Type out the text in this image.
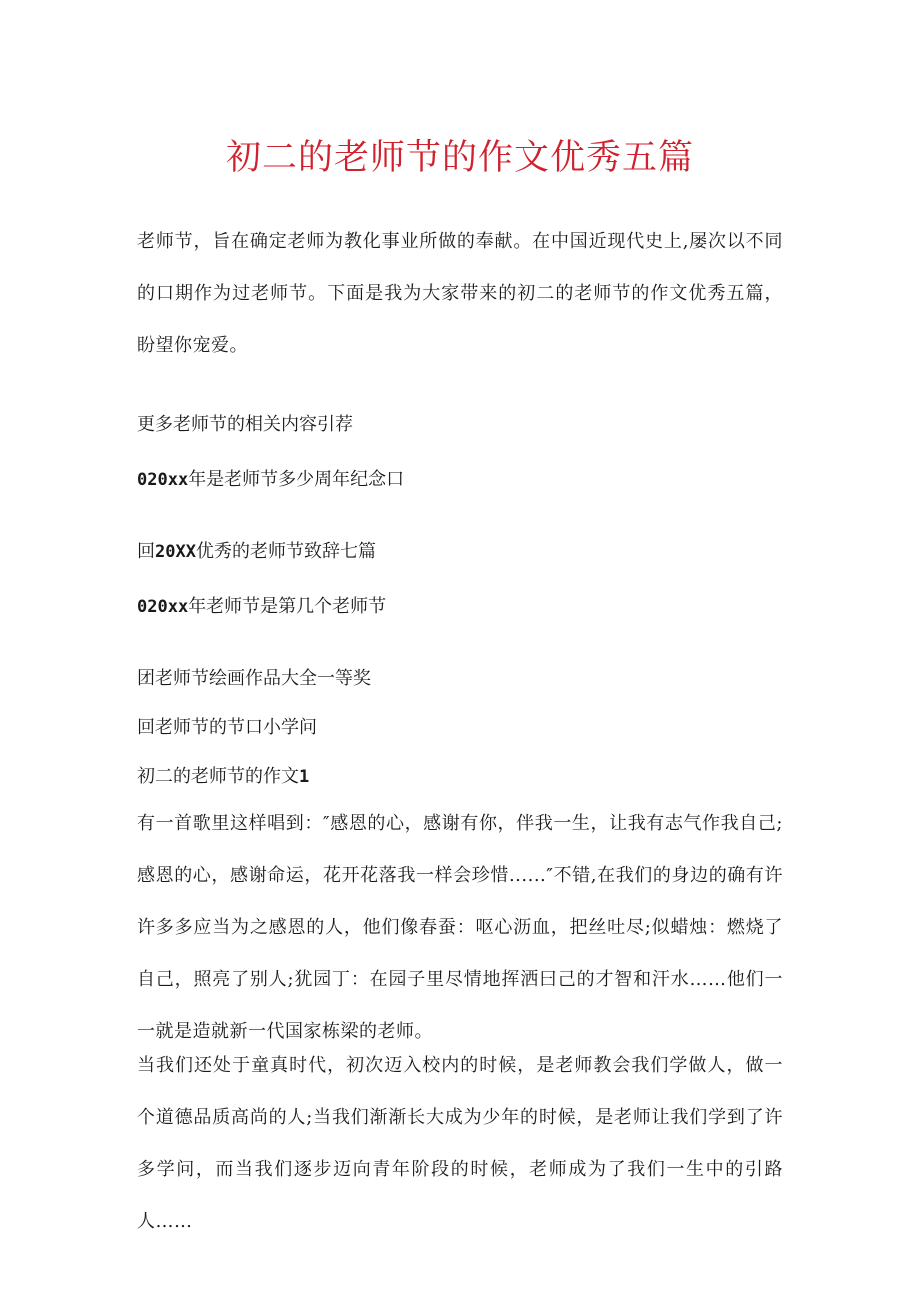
初二的老师节的作文优秀五篇

老师节，旨在确定老师为教化事业所做的奉献。在中国近现代史上,屡次以不同的口期作为过老师节。下面是我为大家带来的初二的老师节的作文优秀五篇，盼望你宠爱。

更多老师节的相关内容引荐

020xx年是老师节多少周年纪念口

回20XX优秀的老师节致辞七篇

020xx年老师节是第几个老师节

团老师节绘画作品大全一等奖

回老师节的节口小学问

初二的老师节的作文1

有一首歌里这样唱到：″感恩的心，感谢有你，伴我一生，让我有志气作我自己;感恩的心，感谢命运，花开花落我一样会珍惜......″不错,在我们的身边的确有许许多多应当为之感恩的人，他们像春蚕：呕心沥血，把丝吐尽;似蜡烛：燃烧了自己，照亮了别人;犹园丁：在园子里尽情地挥洒曰己的才智和汗水……他们一一就是造就新一代国家栋梁的老师。

当我们还处于童真时代，初次迈入校内的时候，是老师教会我们学做人，做一个道德品质高尚的人;当我们渐渐长大成为少年的时候，是老师让我们学到了许多学问，而当我们逐步迈向青年阶段的时候，老师成为了我们一生中的引路人……
